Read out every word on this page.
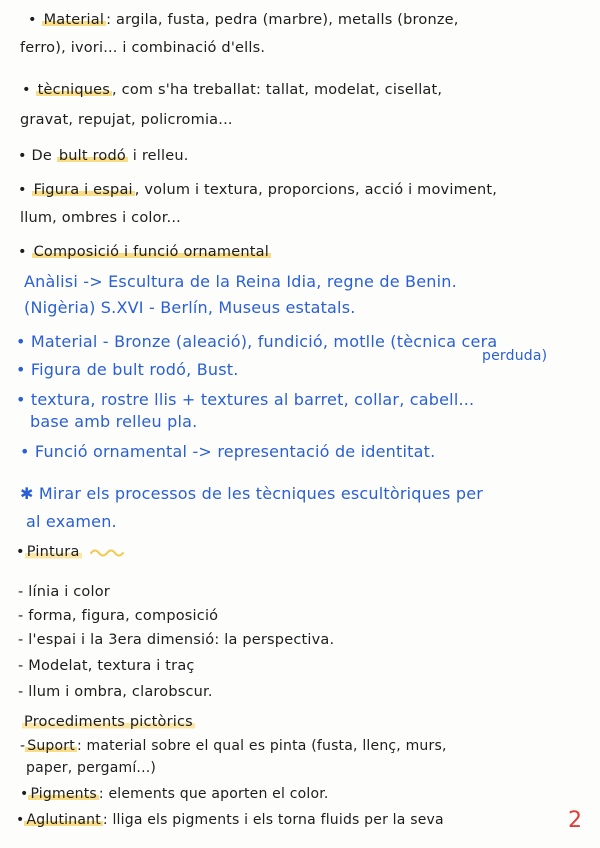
• Material : argila, fusta, pedra (marbre), metalls (bronze,
ferro), ivori... i combinació d'ells.
• tècniques , com s'ha treballat: tallat, modelat, cisellat,
gravat, repujat, policromia...
• De bult rodó i relleu.
• Figura i espai , volum i textura, proporcions, acció i moviment,
llum, ombres i color...
• Composició i funció ornamental
Anàlisi -> Escultura de la Reina Idia, regne de Benin.
(Nigèria) S.XVI - Berlín, Museus estatals.
• Material - Bronze (aleació), fundició, motlle (tècnica cera
perduda)
• Figura de bult rodó, Bust.
• textura, rostre llis + textures al barret, collar, cabell...
base amb relleu pla.
• Funció ornamental -> representació de identitat.
✱ Mirar els processos de les tècniques escultòriques per
al examen.
• Pintura
- línia i color
- forma, figura, composició
- l'espai i la 3era dimensió: la perspectiva.
- Modelat, textura i traç
- llum i ombra, clarobscur.
Procediments pictòrics
- Suport : material sobre el qual es pinta (fusta, llenç, murs,
paper, pergamí...)
• Pigments : elements que aporten el color.
• Aglutinant : lliga els pigments i els torna fluids per la seva	2
